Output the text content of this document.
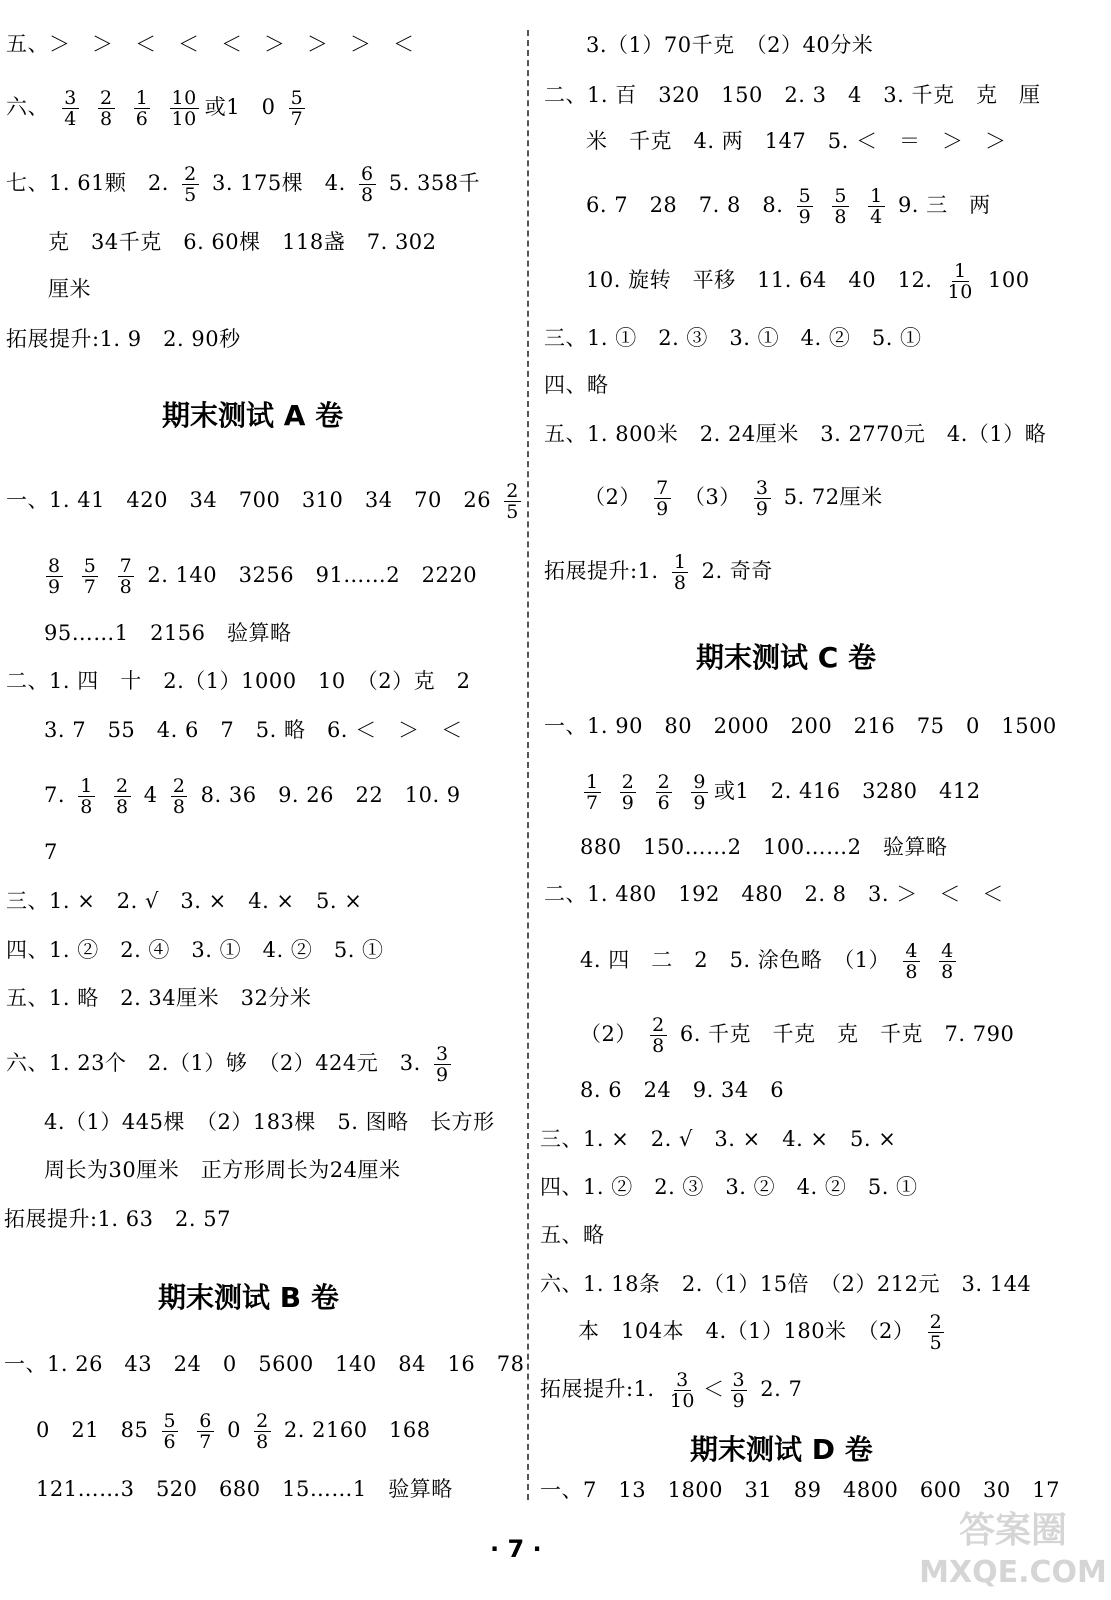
五、＞　＞　＜　＜　＜　＞　＞　＞　＜
六、 $\frac{3}{4}$
$\frac{2}{8}$
$\frac{1}{6}$
$\frac{10}{10}$ 或1　$0 \frac{5}{7}$
七、1. 61颗　2. $\frac{2}{5} 3$. 175棵　4. $\frac{6}{8} 5$. 358千
克　34千克　6. 60棵　118盏　7. 302
厘米
拓展提升:1. 9　2. 90秒
期末测试 A 卷
一、1. 41　420　34　700　310　34　70　$26 \frac{2}{5}$
$\frac{8}{9}$
$\frac{5}{7}$
$\frac{7}{8} 2$. 140　3256　91……2　2220
95……1　2156　验算略
二、1. 四　十　2.（1）1000　10　（2）克　2
3. 7　55　4. 6　7　5. 略　6. ＜　＞　＜
7. $\frac{1}{8}$
$\frac{2}{8} 4 \frac{2}{8} 8$. 36　9. 26　22　10. 9
7
三、1. ×　2. √　3. ×　4. ×　5. ×
四、1. ②　2. ④　3. ①　4. ②　5. ①
五、1. 略　2. 34厘米　32分米
六、1. 23个　2.（1）够　（2）424元　3. $\frac{3}{9}$
4.（1）445棵　（2）183棵　5. 图略　长方形
周长为30厘米　正方形周长为24厘米
拓展提升:1. 63　2. 57
期末测试 B 卷
一、1. 26　43　24　0　5600　140　84　16　78
0　21　$85 \frac{5}{6}$
$\frac{6}{7} 0 \frac{2}{8} 2$. 2160　168
121……3　520　680　15……1　验算略
3.（1）70千克　（2）40分米
二、1. 百　320　150　2. 3　4　3. 千克　克　厘
米　千克　4. 两　147　5. ＜　＝　＞　＞
6. 7　28　7. 8　8. $\frac{5}{9}$
$\frac{5}{8}$
$\frac{1}{4} 9$. 三　两
10. 旋转　平移　11. 64　40　12. $\frac{1}{10} 100$
三、1. ①　2. ③　3. ①　4. ②　5. ①
四、略
五、1. 800米　2. 24厘米　3. 2770元　4.（1）略
$(2) \frac{7}{9} (3) \frac{3}{9} 5$. 72厘米
拓展提升:1. $\frac{1}{8} 2$. 奇奇
期末测试 C 卷
一、1. 90　80　2000　200　216　75　0　1500
$\frac{1}{7}$
$\frac{2}{9}$
$\frac{2}{6}$
$\frac{9}{9}$ 或1　2. 416　3280　412
880　150……2　100……2　验算略
二、1. 480　192　480　2. 8　3. ＞　＜　＜
4. 四　二　2　5. 涂色略　$(1) \frac{4}{8}$
$\frac{4}{8}$
$(2) \frac{2}{8} 6$. 千克　千克　克　千克　7. 790
8. 6　24　9. 34　6
三、1. ×　2. √　3. ×　4. ×　5. ×
四、1. ②　2. ③　3. ②　4. ②　5. ①
五、略
六、1. 18条　2.（1）15倍　（2）212元　3. 144
本　104本　4.（1）180米　$(2) \frac{2}{5}$
拓展提升:1. $\frac{3}{10} < \frac{3}{9} 2$. 7
期末测试 D 卷
一、7　13　1800　31　89　4800　600　30　17
· 7 ·	答案圈
MXQE.COM
